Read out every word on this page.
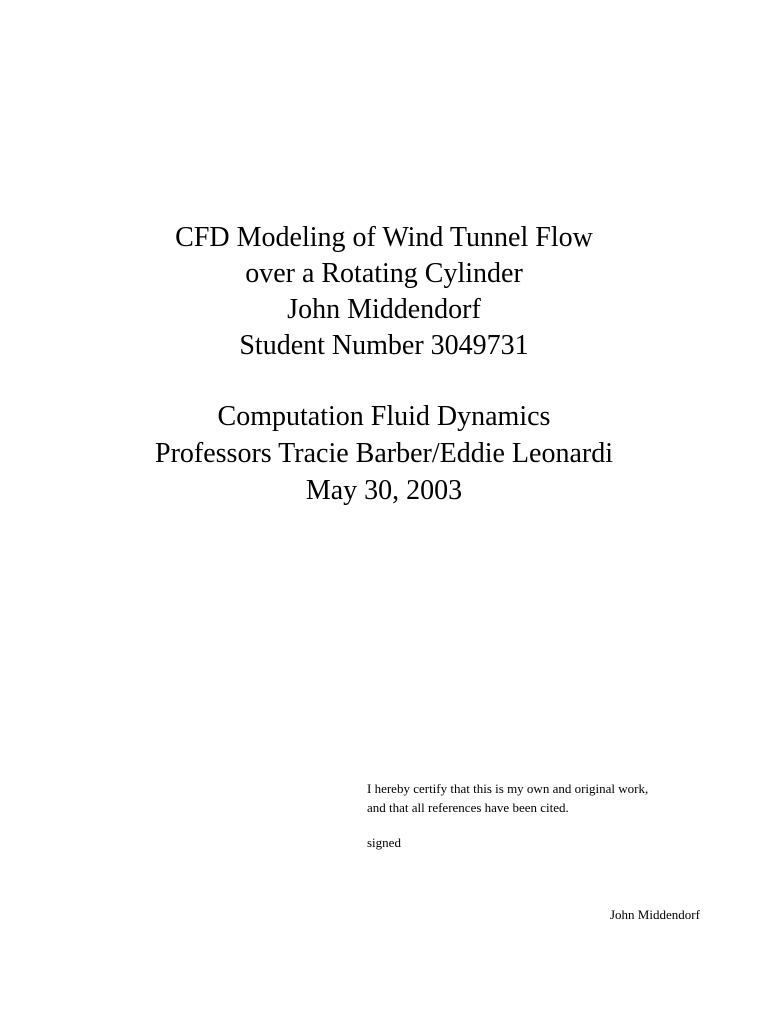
CFD Modeling of Wind Tunnel Flow
over a Rotating Cylinder
John Middendorf
Student Number 3049731
Computation Fluid Dynamics
Professors Tracie Barber/Eddie Leonardi
May 30, 2003
I hereby certify that this is my own and original work,
and that all references have been cited.
signed
John Middendorf
